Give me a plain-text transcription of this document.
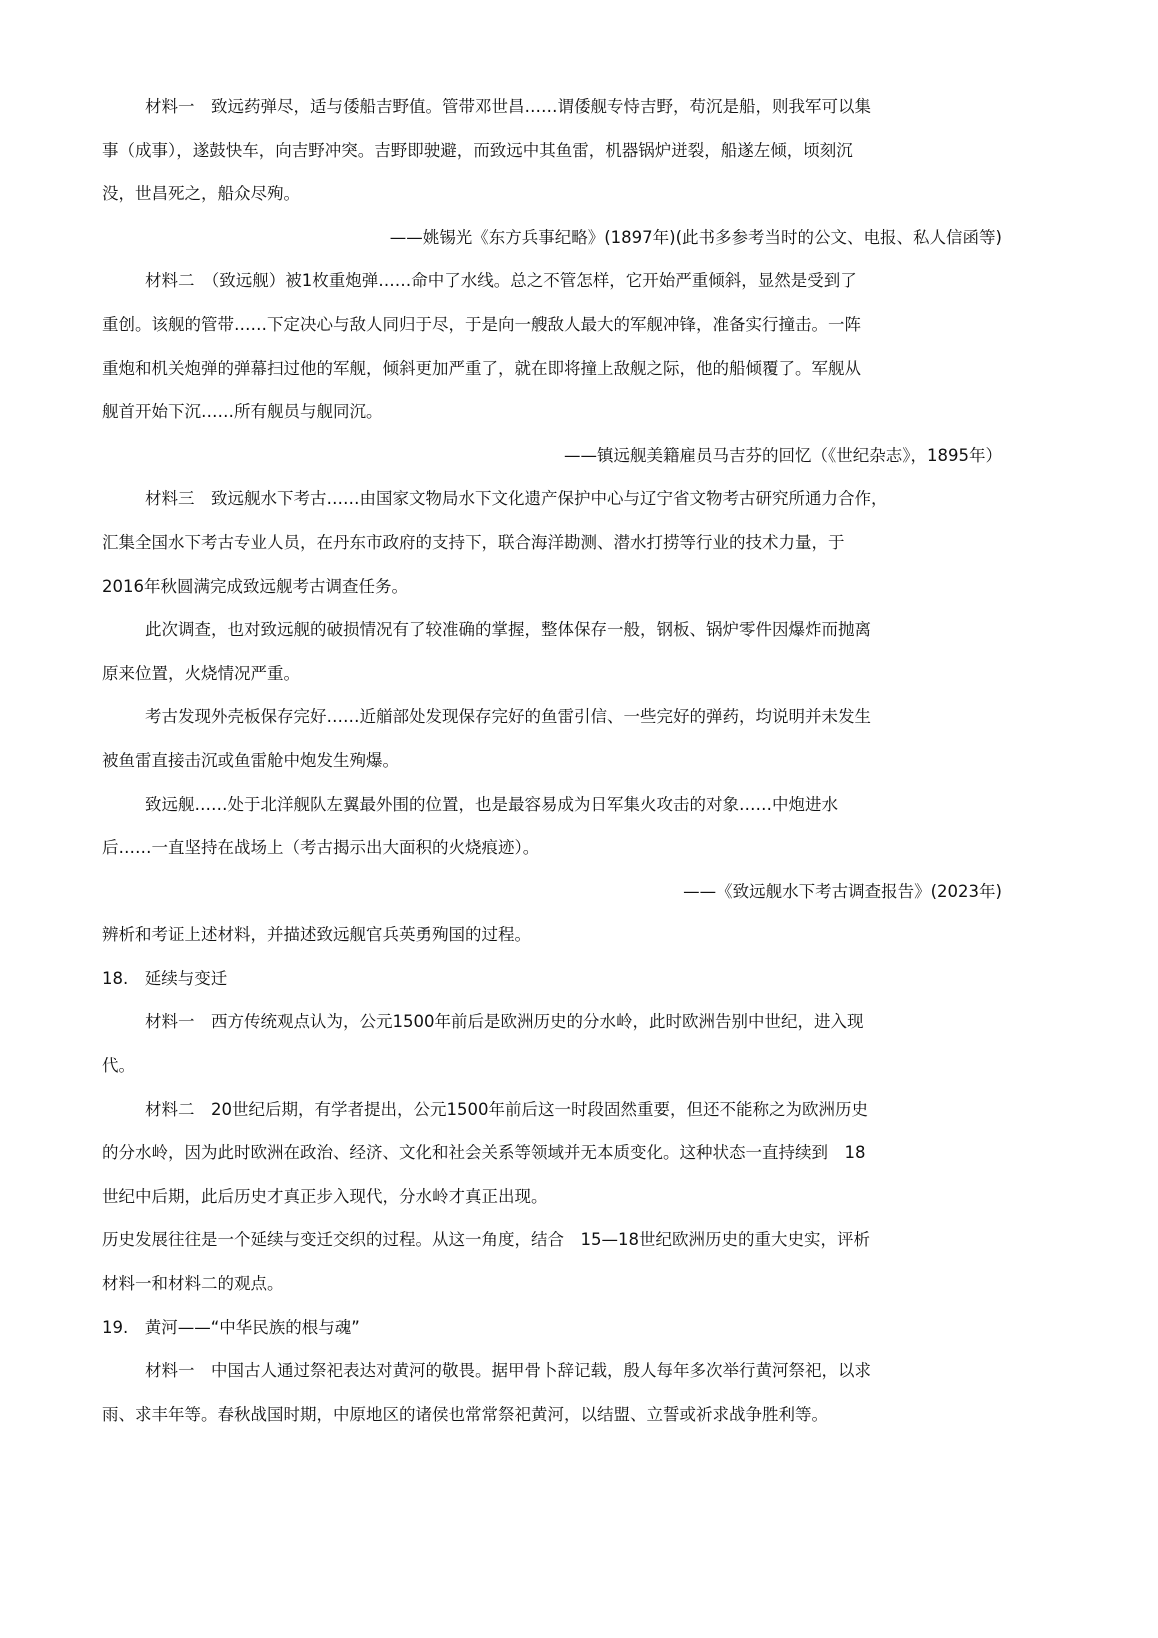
材料一　致远药弹尽，适与倭船吉野值。管带邓世昌……谓倭舰专恃吉野，苟沉是船，则我军可以集
事（成事），遂鼓快车，向吉野冲突。吉野即驶避，而致远中其鱼雷，机器锅炉迸裂，船遂左倾，顷刻沉
没，世昌死之，船众尽殉。
——姚锡光《东方兵事纪略》(1897年)(此书多参考当时的公文、电报、私人信函等)
材料二　（致远舰）被1枚重炮弹……命中了水线。总之不管怎样，它开始严重倾斜，显然是受到了
重创。该舰的管带……下定决心与敌人同归于尽，于是向一艘敌人最大的军舰冲锋，准备实行撞击。一阵
重炮和机关炮弹的弹幕扫过他的军舰，倾斜更加严重了，就在即将撞上敌舰之际，他的船倾覆了。军舰从
舰首开始下沉……所有舰员与舰同沉。
——镇远舰美籍雇员马吉芬的回忆（《世纪杂志》，1895年）
材料三　致远舰水下考古……由国家文物局水下文化遗产保护中心与辽宁省文物考古研究所通力合作，
汇集全国水下考古专业人员，在丹东市政府的支持下，联合海洋勘测、潜水打捞等行业的技术力量，于
2016年秋圆满完成致远舰考古调查任务。
此次调查，也对致远舰的破损情况有了较准确的掌握，整体保存一般，钢板、锅炉零件因爆炸而抛离
原来位置，火烧情况严重。
考古发现外壳板保存完好……近艏部处发现保存完好的鱼雷引信、一些完好的弹药，均说明并未发生
被鱼雷直接击沉或鱼雷舱中炮发生殉爆。
致远舰……处于北洋舰队左翼最外围的位置，也是最容易成为日军集火攻击的对象……中炮进水
后……一直坚持在战场上（考古揭示出大面积的火烧痕迹）。
——《致远舰水下考古调查报告》(2023年)
辨析和考证上述材料，并描述致远舰官兵英勇殉国的过程。
18.　延续与变迁
材料一　西方传统观点认为，公元1500年前后是欧洲历史的分水岭，此时欧洲告别中世纪，进入现
代。
材料二　20世纪后期，有学者提出，公元1500年前后这一时段固然重要，但还不能称之为欧洲历史
的分水岭，因为此时欧洲在政治、经济、文化和社会关系等领域并无本质变化。这种状态一直持续到　18
世纪中后期，此后历史才真正步入现代，分水岭才真正出现。
历史发展往往是一个延续与变迁交织的过程。从这一角度，结合　15—18世纪欧洲历史的重大史实，评析
材料一和材料二的观点。
19.　黄河——“中华民族的根与魂”
材料一　中国古人通过祭祀表达对黄河的敬畏。据甲骨卜辞记载，殷人每年多次举行黄河祭祀，以求
雨、求丰年等。春秋战国时期，中原地区的诸侯也常常祭祀黄河，以结盟、立誓或祈求战争胜利等。
